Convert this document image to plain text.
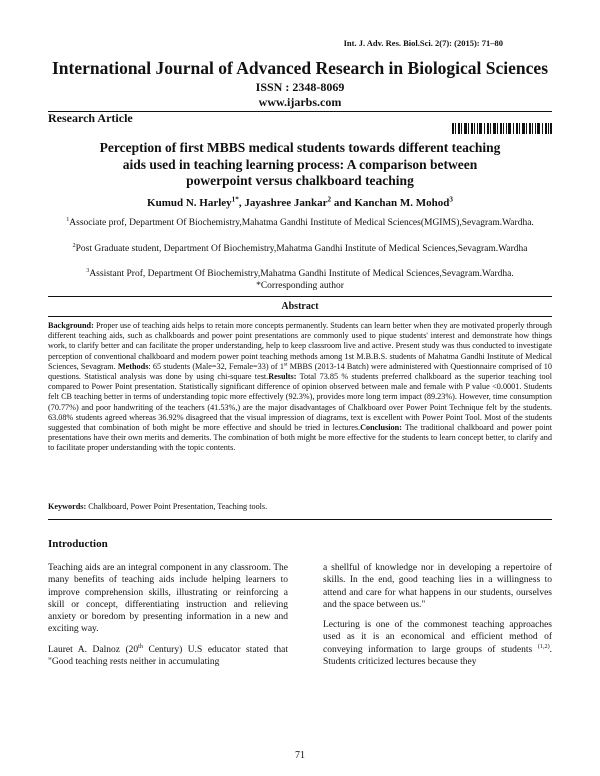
Int. J. Adv. Res. Biol.Sci. 2(7): (2015): 71–80
International Journal of Advanced Research in Biological Sciences
ISSN : 2348-8069
www.ijarbs.com
Research Article
Perception of first MBBS medical students towards different teaching
aids used in teaching learning process: A comparison between
powerpoint versus chalkboard teaching
Kumud N. Harley$^{1*}$, Jayashree Jankar$^2$ and Kanchan M. Mohod$^3$
$^1$Associate prof, Department Of Biochemistry,Mahatma Gandhi Institute of Medical Sciences(MGIMS),Sevagram.Wardha.
$^2$Post Graduate student, Department Of Biochemistry,Mahatma Gandhi Institute of Medical Sciences,Sevagram.Wardha
$^3$Assistant Prof, Department Of Biochemistry,Mahatma Gandhi Institute of Medical Sciences,Sevagram.Wardha.
*Corresponding author
Abstract
Background: Proper use of teaching aids helps to retain more concepts permanently. Students can learn better when they are motivated properly through different teaching aids, such as chalkboards and power point presentations are commonly used to pique students' interest and demonstrate how things work, to clarify better and can facilitate the proper understanding, help to keep classroom live and active. Present study was thus conducted to investigate perception of conventional chalkboard and modern power point teaching methods among 1st M.B.B.S. students of Mahatma Gandhi Institute of Medical Sciences, Sevagram. Methods: 65 students (Male=32, Female=33) of 1st MBBS (2013-14 Batch) were administered with Questionnaire comprised of 10 questions. Statistical analysis was done by using chi-square test.Results: Total 73.85 % students preferred chalkboard as the superior teaching tool compared to Power Point presentation. Statistically significant difference of opinion observed between male and female with P value <0.0001. Students felt CB teaching better in terms of understanding topic more effectively (92.3%), provides more long term impact (89.23%). However, time consumption (70.77%) and poor handwriting of the teachers (41.53%,) are the major disadvantages of Chalkboard over Power Point Technique felt by the students. 63.08% students agreed whereas 36.92% disagreed that the visual impression of diagrams, text is excellent with Power Point Tool. Most of the students suggested that combination of both might be more effective and should be tried in lectures.Conclusion: The traditional chalkboard and power point presentations have their own merits and demerits. The combination of both might be more effective for the students to learn concept better, to clarify and to facilitate proper understanding with the topic contents.
Keywords: Chalkboard, Power Point Presentation, Teaching tools.
Introduction

Teaching aids are an integral component in any classroom. The many benefits of teaching aids include helping learners to improve comprehension skills, illustrating or reinforcing a skill or concept, differentiating instruction and relieving anxiety or boredom by presenting information in a new and exciting way.

Lauret A. Dalnoz (20th Century) U.S educator stated that "Good teaching rests neither in accumulating

a shellful of knowledge nor in developing a repertoire of skills. In the end, good teaching lies in a willingness to attend and care for what happens in our students, ourselves and the space between us."

Lecturing is one of the commonest teaching approaches used as it is an economical and efficient method of conveying information to large groups of students $^{(1,2)}$. Students criticized lectures because they

71
